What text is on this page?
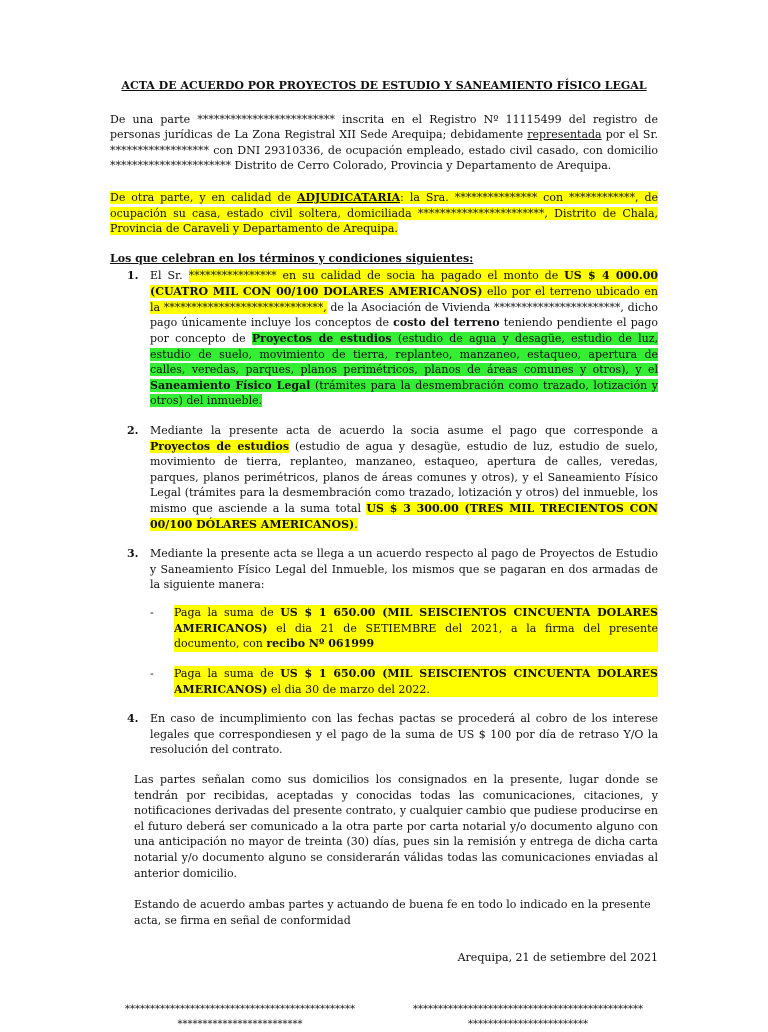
ACTA DE ACUERDO POR PROYECTOS DE ESTUDIO Y SANEAMIENTO FÍSICO LEGAL

De una parte ************************* inscrita en el Registro Nº 11115499 del registro de personas jurídicas de La Zona Registral XII Sede Arequipa; debidamente representada por el Sr. ****************** con DNI 29310336, de ocupación empleado, estado civil casado, con domicilio ********************** Distrito de Cerro Colorado, Provincia y Departamento de Arequipa.

De otra parte, y en calidad de ADJUDICATARIA: la Sra. *************** con ************, de ocupación su casa, estado civil soltera, domiciliada ***********************, Distrito de Chala, Provincia de Caraveli y Departamento de Arequipa.

Los que celebran en los términos y condiciones siguientes:
1. El Sr. **************** en su calidad de socia ha pagado el monto de US $ 4 000.00 (CUATRO MIL CON 00/100 DOLARES AMERICANOS) ello por el terreno ubicado en la *****************************, de la Asociación de Vivienda ***********************, dicho pago únicamente incluye los conceptos de costo del terreno teniendo pendiente el pago por concepto de Proyectos de estudios (estudio de agua y desagüe, estudio de luz, estudio de suelo, movimiento de tierra, replanteo, manzaneo, estaqueo, apertura de calles, veredas, parques, planos perimétricos, planos de áreas comunes y otros), y el Saneamiento Físico Legal (trámites para la desmembración como trazado, lotización y otros) del inmueble.

2. Mediante la presente acta de acuerdo la socia asume el pago que corresponde a Proyectos de estudios (estudio de agua y desagüe, estudio de luz, estudio de suelo, movimiento de tierra, replanteo, manzaneo, estaqueo, apertura de calles, veredas, parques, planos perimétricos, planos de áreas comunes y otros), y el Saneamiento Físico Legal (trámites para la desmembración como trazado, lotización y otros) del inmueble, los mismo que asciende a la suma total US $ 3 300.00 (TRES MIL TRECIENTOS CON 00/100 DÓLARES AMERICANOS).

3. Mediante la presente acta se llega a un acuerdo respecto al pago de Proyectos de Estudio y Saneamiento Físico Legal del Inmueble, los mismos que se pagaran en dos armadas de la siguiente manera:

- Paga la suma de US $ 1 650.00 (MIL SEISCIENTOS CINCUENTA DOLARES AMERICANOS) el dia 21 de SETIEMBRE del 2021, a la firma del presente documento, con recibo Nº 061999

- Paga la suma de US $ 1 650.00 (MIL SEISCIENTOS CINCUENTA DOLARES AMERICANOS) el dia 30 de marzo del 2022.

4. En caso de incumplimiento con las fechas pactas se procederá al cobro de los interese legales que correspondiesen y el pago de la suma de US $ 100 por día de retraso Y/O la resolución del contrato.

Las partes señalan como sus domicilios los consignados en la presente, lugar donde se tendrán por recibidas, aceptadas y conocidas todas las comunicaciones, citaciones, y notificaciones derivadas del presente contrato, y cualquier cambio que pudiese producirse en el futuro deberá ser comunicado a la otra parte por carta notarial y/o documento alguno con una anticipación no mayor de treinta (30) días, pues sin la remisión y entrega de dicha carta notarial y/o documento alguno se considerarán válidas todas las comunicaciones enviadas al anterior domicilio.

Estando de acuerdo ambas partes y actuando de buena fe en todo lo indicado en la presente acta, se firma en señal de conformidad

Arequipa, 21 de setiembre del 2021

**********************************************
*************************
**********************************************
************************
